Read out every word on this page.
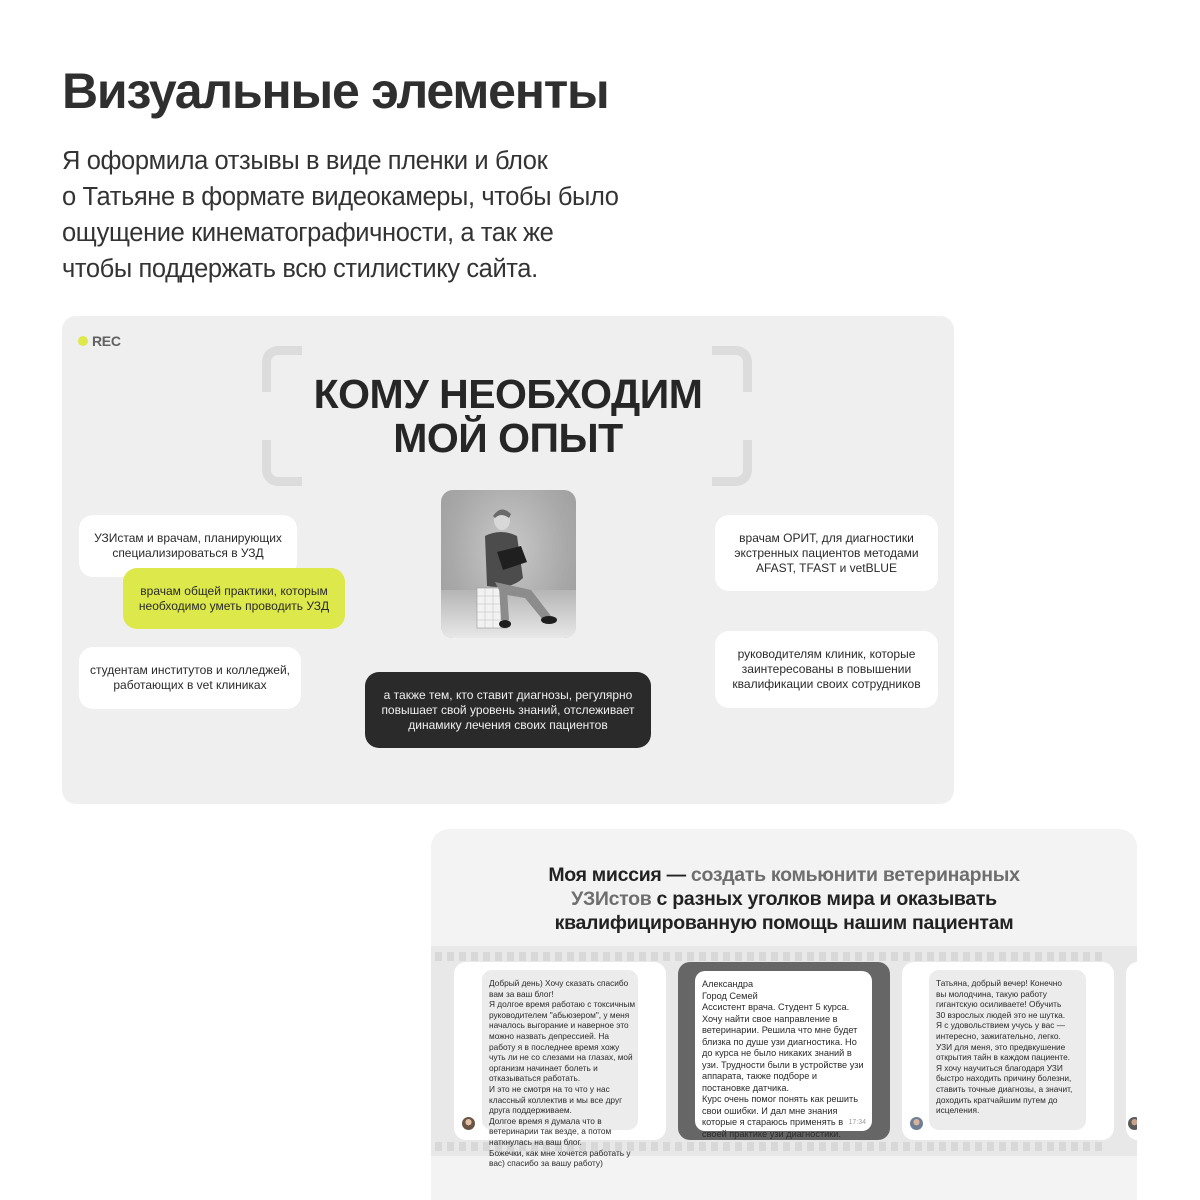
Визуальные элементы
Я оформила отзывы в виде пленки и блок
о Татьяне в формате видеокамеры, чтобы было
ощущение кинематографичности, а так же
чтобы поддержать всю стилистику сайта.
REC
КОМУ НЕОБХОДИМ
МОЙ ОПЫТ
УЗИстам и врачам, планирующих
специализироваться в УЗД
врачам общей практики, которым
необходимо уметь проводить УЗД
студентам институтов и колледжей,
работающих в vet клиниках
а также тем, кто ставит диагнозы, регулярно
повышает свой уровень знаний, отслеживает
динамику лечения своих пациентов
врачам ОРИТ, для диагностики
экстренных пациентов методами
AFAST, TFAST и vetBLUE
руководителям клиник, которые
заинтересованы в повышении
квалификации своих сотрудников
Моя миссия — создать комьюнити ветеринарных
УЗИстов с разных уголков мира и оказывать
квалифицированную помощь нашим пациентам
Добрый день) Хочу сказать спасибо
вам за ваш блог!
Я долгое время работаю с токсичным
руководителем "абьюзером", у меня
началось выгорание и наверное это
можно назвать депрессией. На
работу я в последнее время хожу
чуть ли не со слезами на глазах, мой
организм начинает болеть и
отказываться работать.
И это не смотря на то что у нас
классный коллектив и мы все друг
друга поддерживаем.
Долгое время я думала что в
ветеринарии так везде, а потом
наткнулась на ваш блог.
Божечки, как мне хочется работать у
вас) спасибо за вашу работу)
Александра
Город Семей
Ассистент врача. Студент 5 курса.
Хочу найти свое направление в
ветеринарии. Решила что мне будет
близка по душе узи диагностика. Но
до курса не было никаких знаний в
узи. Трудности были в устройстве узи
аппарата, также подборе и
постановке датчика.
Курс очень помог понять как решить
свои ошибки. И дал мне знания
которые я стараюсь применять в
своей практике узи диагностики.
17:34
Татьяна, добрый вечер! Конечно
вы молодчина, такую работу
гигантскую осиливаете! Обучить
30 взрослых людей это не шутка.
Я с удовольствием учусь у вас —
интересно, зажигательно, легко.
УЗИ для меня, это предвкушение
открытия тайн в каждом пациенте.
Я хочу научиться благодаря УЗИ
быстро находить причину болезни,
ставить точные диагнозы, а значит,
доходить кратчайшим путем до
исцеления.
